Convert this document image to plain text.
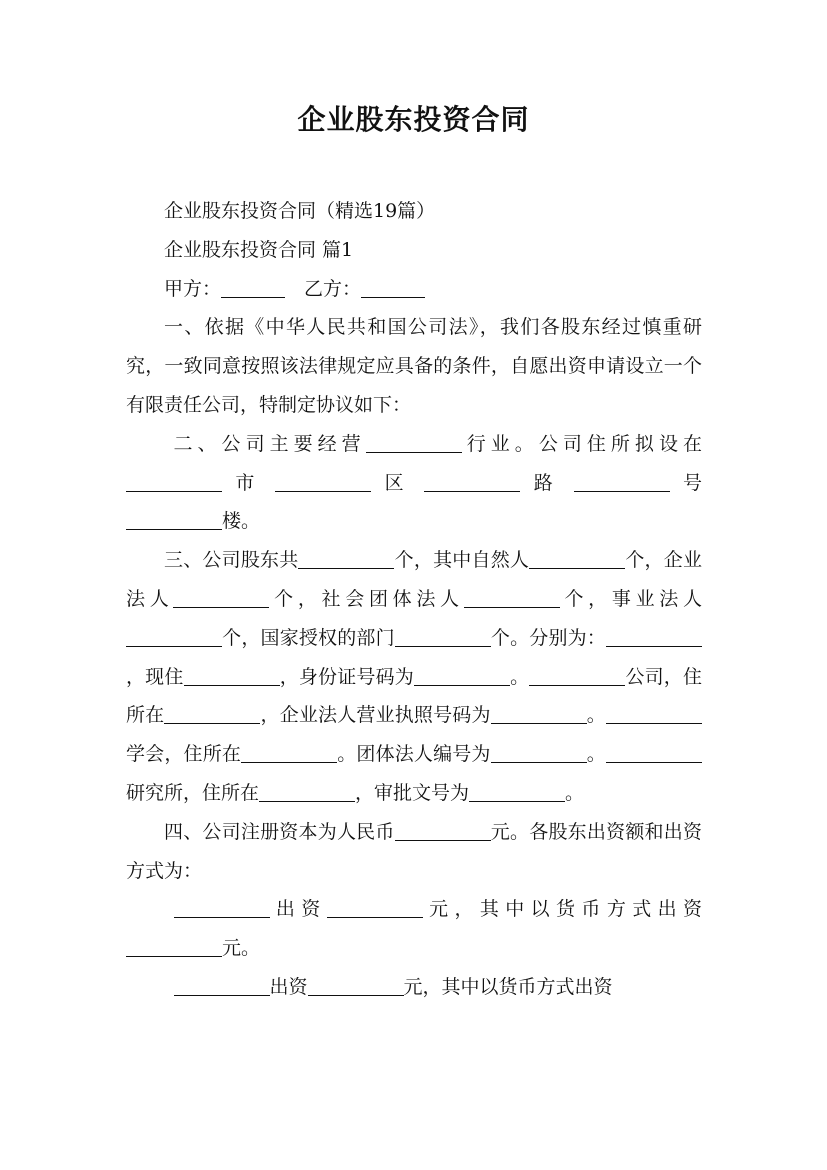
企业股东投资合同

企业股东投资合同（精选19篇）

企业股东投资合同 篇1

甲方： 	乙方：

一、依据《中华人民共和国公司法》，我们各股东经过慎重研究，一致同意按照该法律规定应具备的条件，自愿出资申请设立一个有限责任公司，特制定协议如下：

二、公司主要经营	行业。公司住所拟设在 市	区	路	号 楼。

三、公司股东共	个，其中自然人	个，企业法人	个，社会团体法人	个，事业法人个，国家授权的部门	个。分别为：，现住	，身份证号码为	。	公司，住所在	，企业法人营业执照号码为	。学会，住所在	。团体法人编号为	。研究所，住所在	，审批文号为	。

四、公司注册资本为人民币	元。各股东出资额和出资方式为：

出资	元，其中以货币方式出资元。

出资	元，其中以货币方式出资
